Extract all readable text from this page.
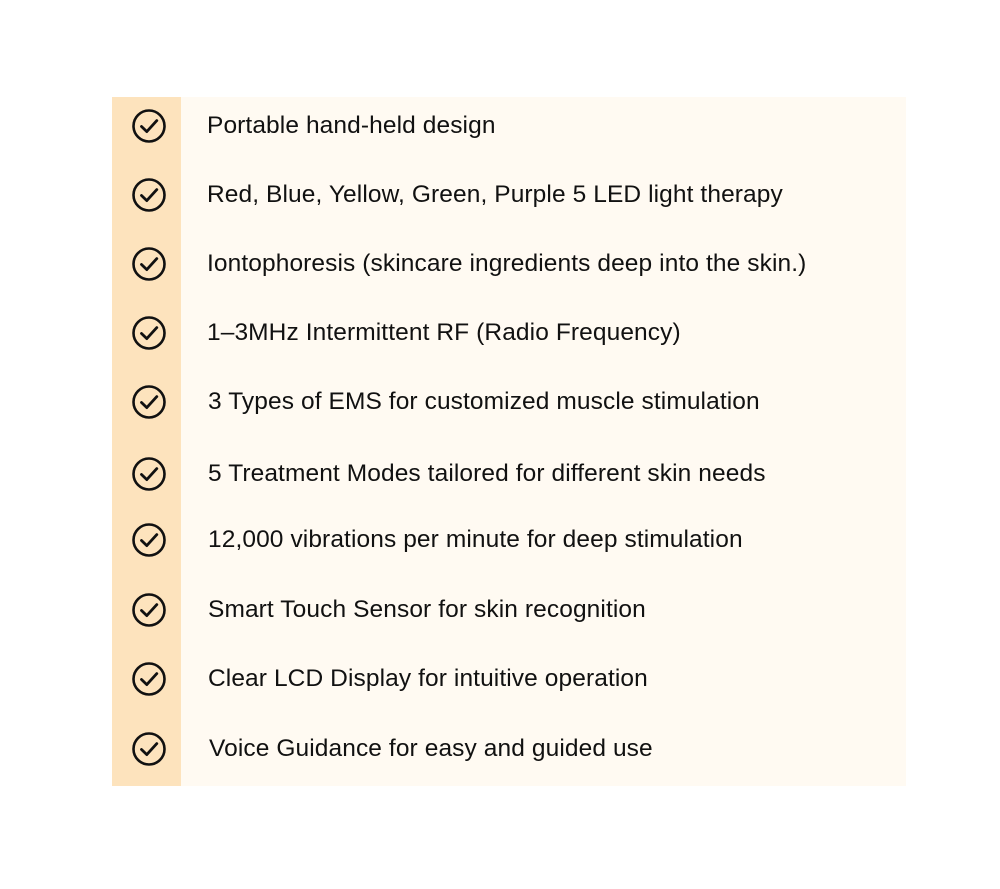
Portable hand-held design
Red, Blue, Yellow, Green, Purple 5 LED light therapy
Iontophoresis (skincare ingredients deep into the skin.)
1–3MHz Intermittent RF (Radio Frequency)
3 Types of EMS for customized muscle stimulation
5 Treatment Modes tailored for different skin needs
12,000 vibrations per minute for deep stimulation
Smart Touch Sensor for skin recognition
Clear LCD Display for intuitive operation
Voice Guidance for easy and guided use
